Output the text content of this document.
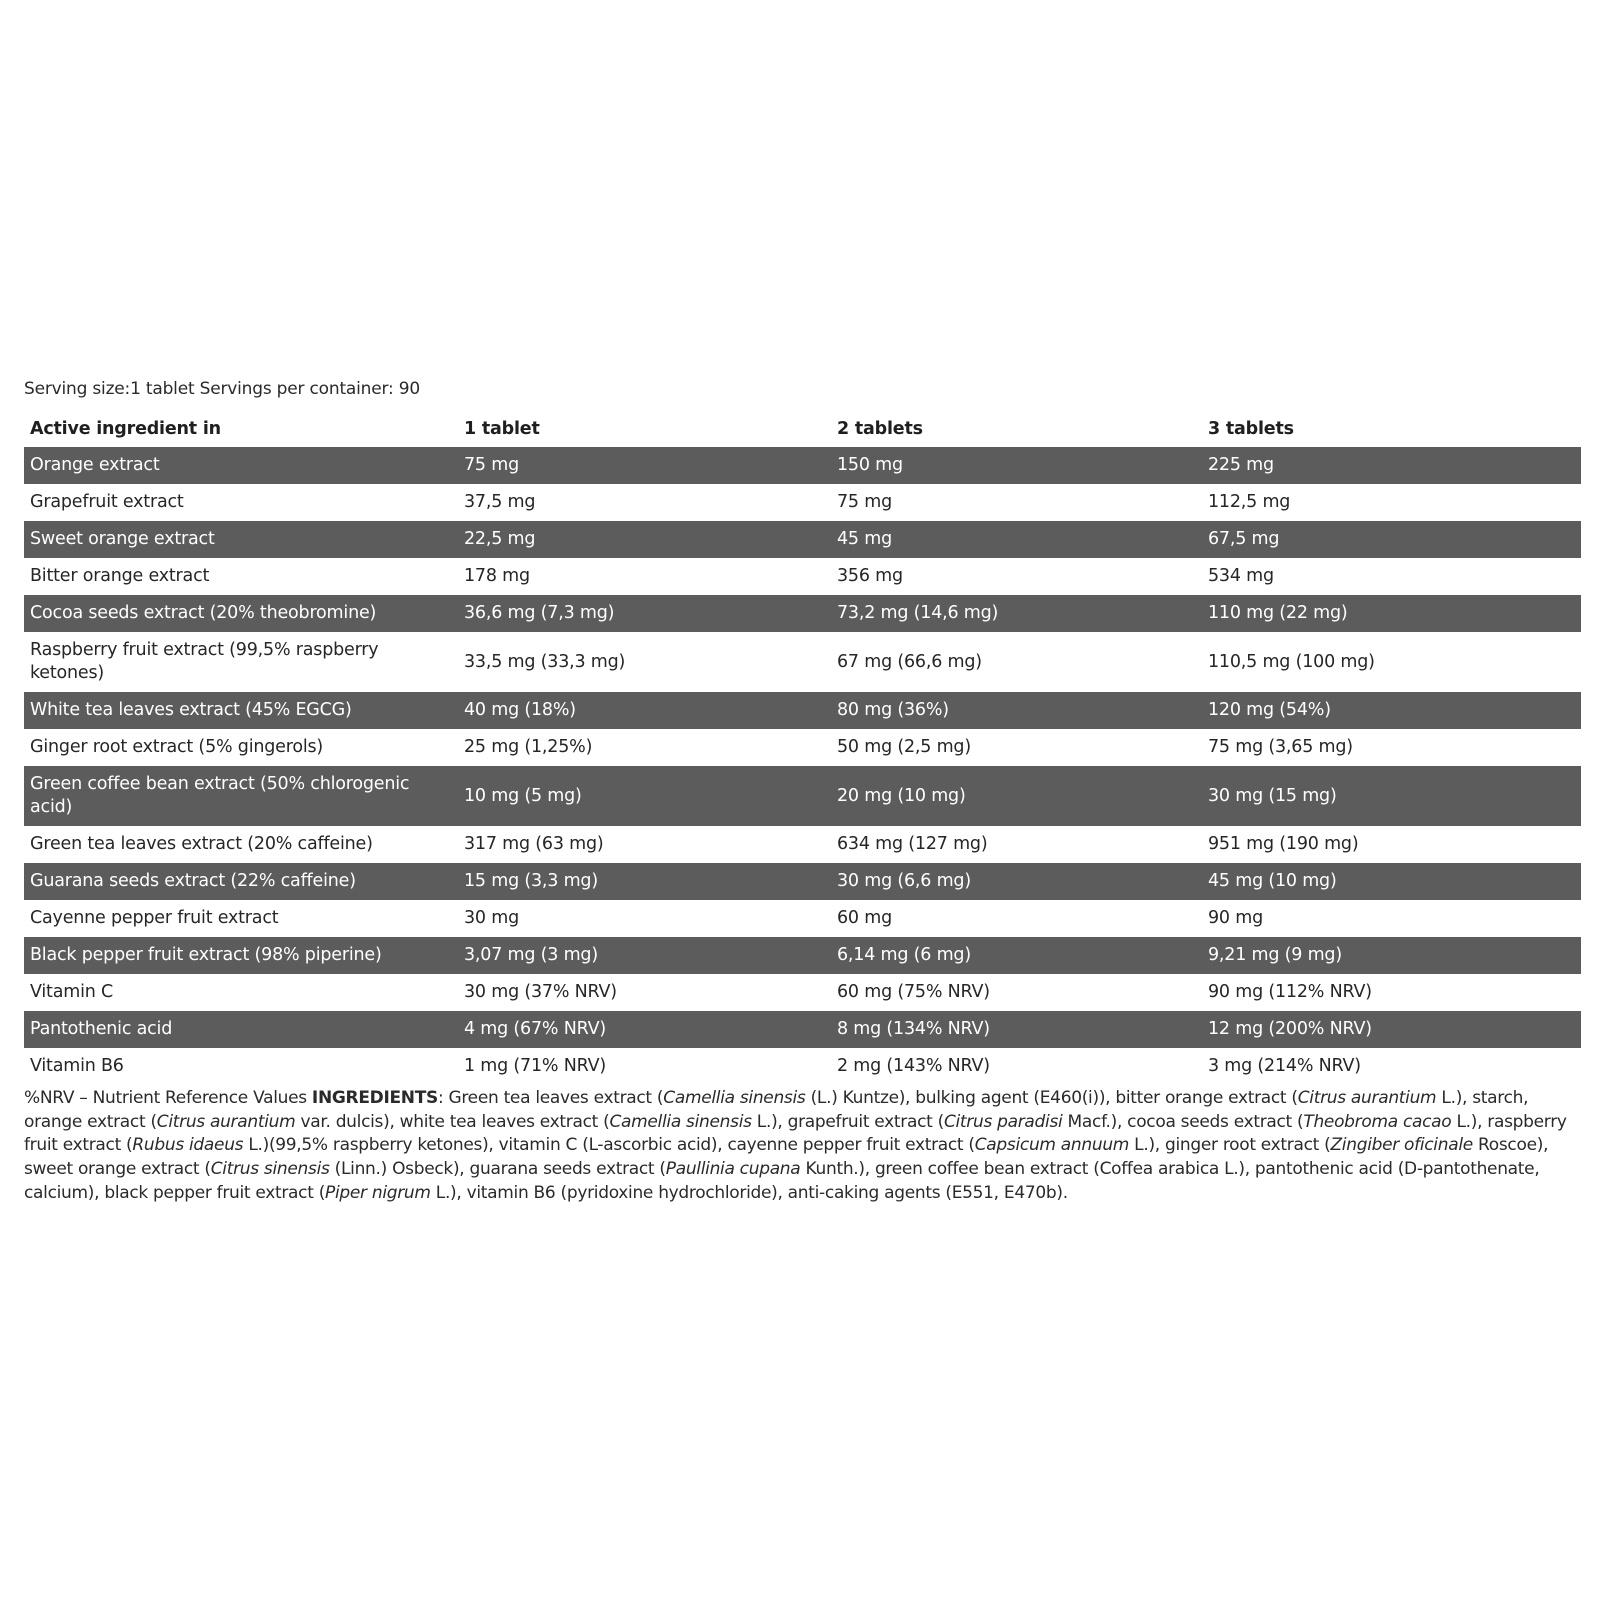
Serving size:1 tablet Servings per container: 90

Active ingredient in	1 tablet	2 tablets	3 tablets
Orange extract	75 mg	150 mg	225 mg
Grapefruit extract	37,5 mg	75 mg	112,5 mg
Sweet orange extract	22,5 mg	45 mg	67,5 mg
Bitter orange extract	178 mg	356 mg	534 mg
Cocoa seeds extract (20% theobromine)	36,6 mg (7,3 mg)	73,2 mg (14,6 mg)	110 mg (22 mg)
Raspberry fruit extract (99,5% raspberry ketones)	33,5 mg (33,3 mg)	67 mg (66,6 mg)	110,5 mg (100 mg)
White tea leaves extract (45% EGCG)	40 mg (18%)	80 mg (36%)	120 mg (54%)
Ginger root extract (5% gingerols)	25 mg (1,25%)	50 mg (2,5 mg)	75 mg (3,65 mg)
Green coffee bean extract (50% chlorogenic acid)	10 mg (5 mg)	20 mg (10 mg)	30 mg (15 mg)
Green tea leaves extract (20% caffeine)	317 mg (63 mg)	634 mg (127 mg)	951 mg (190 mg)
Guarana seeds extract (22% caffeine)	15 mg (3,3 mg)	30 mg (6,6 mg)	45 mg (10 mg)
Cayenne pepper fruit extract	30 mg	60 mg	90 mg
Black pepper fruit extract (98% piperine)	3,07 mg (3 mg)	6,14 mg (6 mg)	9,21 mg (9 mg)
Vitamin C	30 mg (37% NRV)	60 mg (75% NRV)	90 mg (112% NRV)
Pantothenic acid	4 mg (67% NRV)	8 mg (134% NRV)	12 mg (200% NRV)
Vitamin B6	1 mg (71% NRV)	2 mg (143% NRV)	3 mg (214% NRV)

%NRV – Nutrient Reference Values INGREDIENTS: Green tea leaves extract (Camellia sinensis (L.) Kuntze), bulking agent (E460(i)), bitter orange extract (Citrus aurantium L.), starch, orange extract (Citrus aurantium var. dulcis), white tea leaves extract (Camellia sinensis L.), grapefruit extract (Citrus paradisi Macf.), cocoa seeds extract (Theobroma cacao L.), raspberry fruit extract (Rubus idaeus L.)(99,5% raspberry ketones), vitamin C (L-ascorbic acid), cayenne pepper fruit extract (Capsicum annuum L.), ginger root extract (Zingiber oficinale Roscoe), sweet orange extract (Citrus sinensis (Linn.) Osbeck), guarana seeds extract (Paullinia cupana Kunth.), green coffee bean extract (Coffea arabica L.), pantothenic acid (D-pantothenate, calcium), black pepper fruit extract (Piper nigrum L.), vitamin B6 (pyridoxine hydrochloride), anti-caking agents (E551, E470b).
